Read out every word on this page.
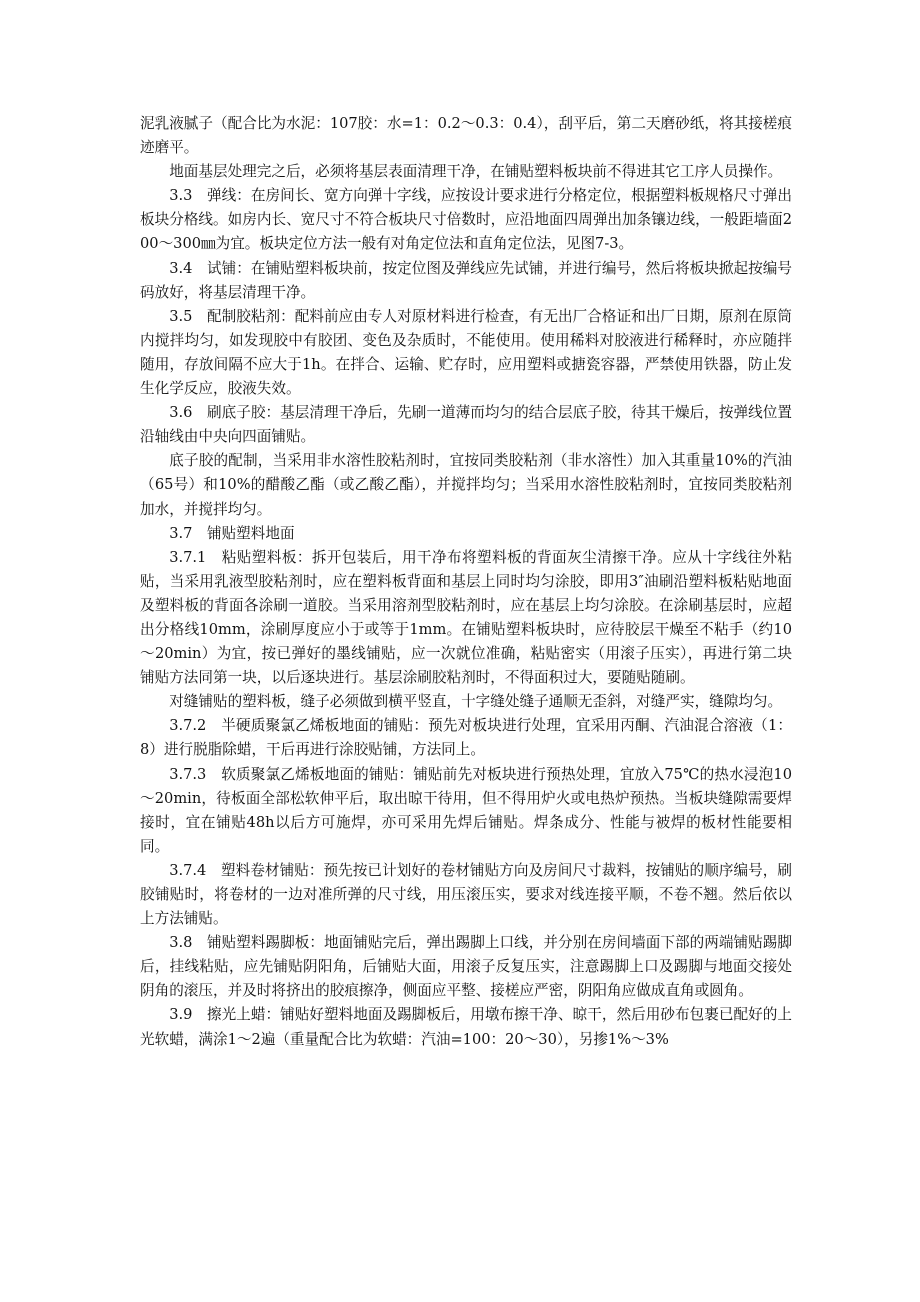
泥乳液腻子（配合比为水泥：107胶：水=1：0.2～0.3：0.4），刮平后，第二天磨砂纸，将其接槎痕迹磨平。

地面基层处理完之后，必须将基层表面清理干净，在铺贴塑料板块前不得进其它工序人员操作。

3.3　弹线：在房间长、宽方向弹十字线，应按设计要求进行分格定位，根据塑料板规格尺寸弹出板块分格线。如房内长、宽尺寸不符合板块尺寸倍数时，应沿地面四周弹出加条镶边线，一般距墙面200～300㎜为宜。板块定位方法一般有对角定位法和直角定位法，见图7-3。

3.4　试铺：在铺贴塑料板块前，按定位图及弹线应先试铺，并进行编号，然后将板块掀起按编号码放好，将基层清理干净。

3.5　配制胶粘剂：配料前应由专人对原材料进行检查，有无出厂合格证和出厂日期，原剂在原筒内搅拌均匀，如发现胶中有胶团、变色及杂质时，不能使用。使用稀料对胶液进行稀释时，亦应随拌随用，存放间隔不应大于1h。在拌合、运输、贮存时，应用塑料或搪瓷容器，严禁使用铁器，防止发生化学反应，胶液失效。

3.6　刷底子胶：基层清理干净后，先刷一道薄而均匀的结合层底子胶，待其干燥后，按弹线位置沿轴线由中央向四面铺贴。

底子胶的配制，当采用非水溶性胶粘剂时，宜按同类胶粘剂（非水溶性）加入其重量10%的汽油（65号）和10%的醋酸乙酯（或乙酸乙酯），并搅拌均匀；当采用水溶性胶粘剂时，宜按同类胶粘剂加水，并搅拌均匀。

3.7　铺贴塑料地面

3.7.1　粘贴塑料板：拆开包装后，用干净布将塑料板的背面灰尘清擦干净。应从十字线往外粘贴，当采用乳液型胶粘剂时，应在塑料板背面和基层上同时均匀涂胶，即用3″油刷沿塑料板粘贴地面及塑料板的背面各涂刷一道胶。当采用溶剂型胶粘剂时，应在基层上均匀涂胶。在涂刷基层时，应超出分格线10mm，涂刷厚度应小于或等于1mm。在铺贴塑料板块时，应待胶层干燥至不粘手（约10～20min）为宜，按已弹好的墨线铺贴，应一次就位准确，粘贴密实（用滚子压实），再进行第二块铺贴方法同第一块，以后逐块进行。基层涂刷胶粘剂时，不得面积过大，要随贴随刷。

对缝铺贴的塑料板，缝子必须做到横平竖直，十字缝处缝子通顺无歪斜，对缝严实，缝隙均匀。

3.7.2　半硬质聚氯乙烯板地面的铺贴：预先对板块进行处理，宜采用丙酮、汽油混合溶液（1：8）进行脱脂除蜡，干后再进行涂胶贴铺，方法同上。

3.7.3　软质聚氯乙烯板地面的铺贴：铺贴前先对板块进行预热处理，宜放入75℃的热水浸泡10～20min，待板面全部松软伸平后，取出晾干待用，但不得用炉火或电热炉预热。当板块缝隙需要焊接时，宜在铺贴48h以后方可施焊，亦可采用先焊后铺贴。焊条成分、性能与被焊的板材性能要相同。

3.7.4　塑料卷材铺贴：预先按已计划好的卷材铺贴方向及房间尺寸裁料，按铺贴的顺序编号，刷胶铺贴时，将卷材的一边对准所弹的尺寸线，用压滚压实，要求对线连接平顺，不卷不翘。然后依以上方法铺贴。

3.8　铺贴塑料踢脚板：地面铺贴完后，弹出踢脚上口线，并分别在房间墙面下部的两端铺贴踢脚后，挂线粘贴，应先铺贴阴阳角，后铺贴大面，用滚子反复压实，注意踢脚上口及踢脚与地面交接处阴角的滚压，并及时将挤出的胶痕擦净，侧面应平整、接槎应严密，阴阳角应做成直角或圆角。

3.9　擦光上蜡：铺贴好塑料地面及踢脚板后，用墩布擦干净、晾干，然后用砂布包裹已配好的上光软蜡，满涂1～2遍（重量配合比为软蜡：汽油=100：20～30），另掺1%～3%
